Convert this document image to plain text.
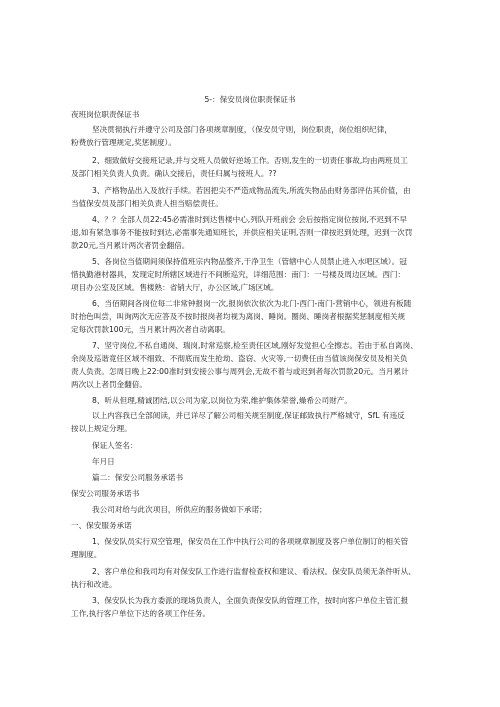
5-：保安员岗位职责保证书
夜班岗位职责保证书
坚决贯彻执行并遵守公司及部门各项规章制度，（保安员守则，岗位职责，岗位组织纪律，
粉费放行管理规定,奖惩制度）。
2、细致做好交接班记录,并与交班人员做好逆场工作。否则,发生的一切责任事故,均由两班员工
及部门相关负责人负责。确认交接后，责任归属与接班人。??
3、产格物品出入及放行手续。若因把尖不严造成物品流失,所流失物品由财务部评估其价值，由
当值保安员及部门相关负责人担当赔偿责任。
4、？？全部人员22:45必需准时到达售楼中心,列队开班前会 会后按指定岗位按岗,不迟到不早
退,如有紧急事务不能按时到达,必需事先通知班长，并供应相关证明,否则一律按迟到处理，迟到一次罚
款20元,当月累计两次者罚金翻倍。
5、各岗位当值期间须保持值班宗内物品整齐,干净卫生（管辖中心人员禁止进入水吧区域）。冠
惜执勤港材器具，发现定时所辖区域进行不间断巡究，详细范围：南门：一号楼及周边区域。西门：
项目办公室及区域。售楼熟：省销大厅，办公区域,广场区域。
6、当佰期间各岗位每二非常钟报岗一次,报岗依次依次为北门-西门-南门-营销中心，领进有板随
时抬色叫尝，叫询两次无应答及不按时报岗者均视为离岗、睡岗。圈岗、睡岗者根据奖惩制度相关规
定每次罚款100元，当月累计两次者自动离职。
7、坚守岗位,不私自通岗、瑞岗,时常巡察,检至责任区域,刚好发觉担心全擦志。若由于私自离岗、
余岗及巡谐竟任区域不细致、不彻底而发生抢劫、盗窃、火灾等,一切费任由当值该岗保安员及相关负
责人负责。怎周日晚上22:00准时到安接公事与周列会,无故不着与或迟到者每次罚款20元。当月累计
两次以上者罚金翻倍。
8、听从但理,精诚团结,以公司为家,以岗位为荣,维护集体荣誉,燥希公司财产。
以上内容我已全部阅读，并已详尽了解公司相关规至制度,保证邮致执行严格城守，SfL 有违反
按以上规定分理。
保证人签名：
年月日
篇二：保安公司服务承诺书
保安公司服务承诺书
我公司对给与此次项目，所供应的服务做如下承诺；
一、保安服务承诺
1、保安队员实行双空管理，保安员在工作中执行公司的各项规章制度及客户单位制订的相关管
理制度。
2、客户单位和我司均有对保安队工作进行监督检查权和建议、看法权。保安队员须无条件听从、
执行和改进。
3、保安队长为我方委派的现场负责人，全面负责保安队的管理工作，按时向客户单位主管汇报
工作,执行客户单位下达的各项工作任务。
